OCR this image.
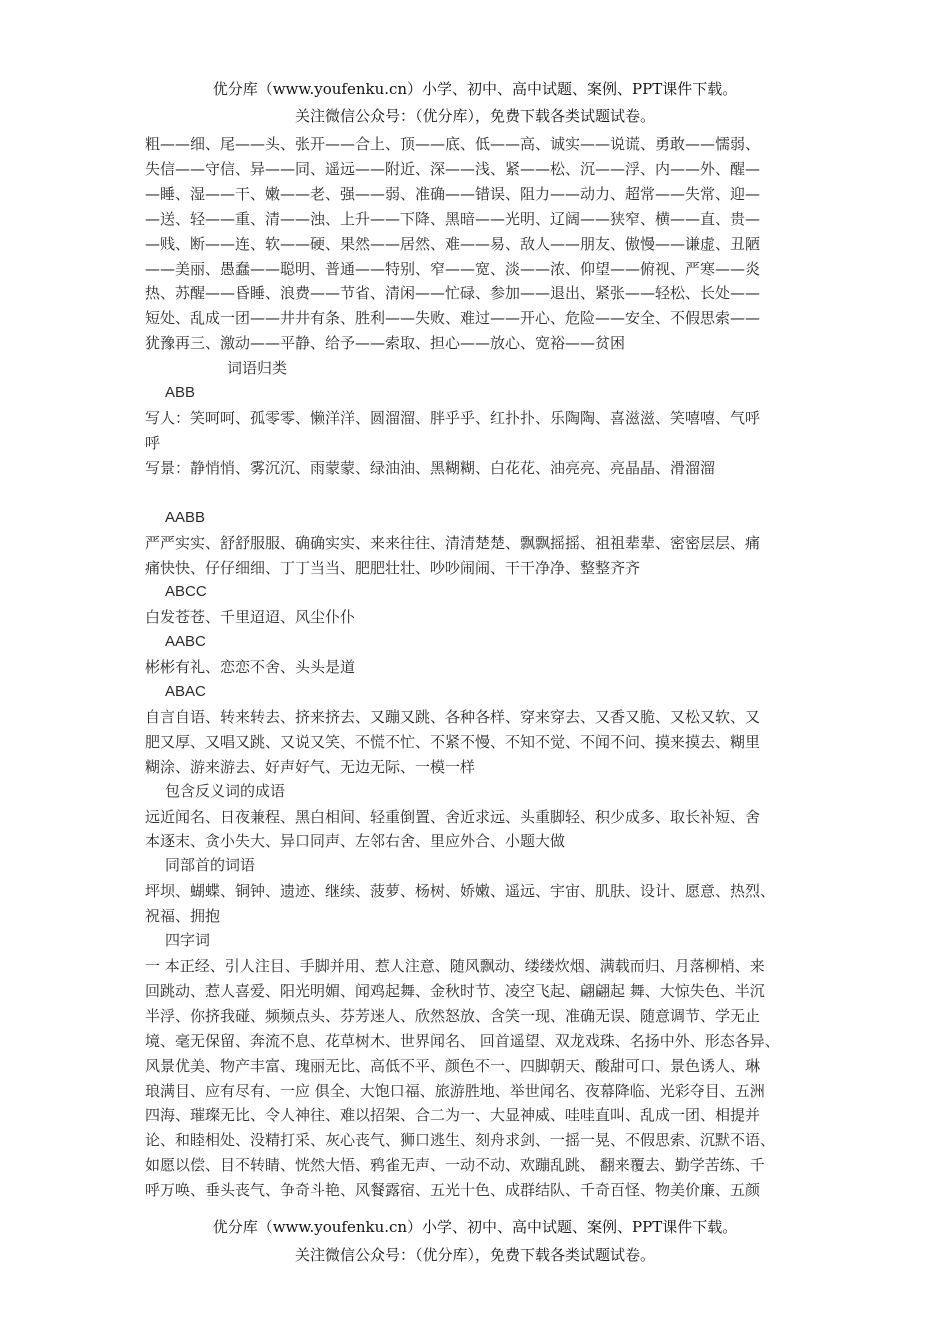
优分库（www.youfenku.cn）小学、初中、高中试题、案例、PPT课件下载。
关注微信公众号：（优分库），免费下载各类试题试卷。

粗——细、尾——头、张开——合上、顶——底、低——高、诚实——说谎、勇敢——懦弱、

失信——守信、异——同、遥远——附近、深——浅、紧——松、沉——浮、内——外、醒—

—睡、湿——干、嫩——老、强——弱、准确——错误、阻力——动力、超常——失常、迎—

—送、轻——重、清——浊、上升——下降、黑暗——光明、辽阔——狭窄、横——直、贵—

—贱、断——连、软——硬、果然——居然、难——易、敌人——朋友、傲慢——谦虚、丑陋

——美丽、愚蠢——聪明、普通——特别、窄——宽、淡——浓、仰望——俯视、严寒——炎

热、苏醒——昏睡、浪费——节省、清闲——忙碌、参加——退出、紧张——轻松、长处——

短处、乱成一团——井井有条、胜利——失败、难过——开心、危险——安全、不假思索——

犹豫再三、激动——平静、给予——索取、担心——放心、宽裕——贫困

词语归类

ABB

写人：笑呵呵、孤零零、懒洋洋、圆溜溜、胖乎乎、红扑扑、乐陶陶、喜滋滋、笑嘻嘻、气呼

呼

写景：静悄悄、雾沉沉、雨蒙蒙、绿油油、黑糊糊、白花花、油亮亮、亮晶晶、滑溜溜

AABB

严严实实、舒舒服服、确确实实、来来往往、清清楚楚、飘飘摇摇、祖祖辈辈、密密层层、痛

痛快快、仔仔细细、丁丁当当、肥肥壮壮、吵吵闹闹、干干净净、整整齐齐

ABCC

白发苍苍、千里迢迢、风尘仆仆

AABC

彬彬有礼、恋恋不舍、头头是道

ABAC

自言自语、转来转去、挤来挤去、又蹦又跳、各种各样、穿来穿去、又香又脆、又松又软、又

肥又厚、又唱又跳、又说又笑、不慌不忙、不紧不慢、不知不觉、不闻不问、摸来摸去、糊里

糊涂、游来游去、好声好气、无边无际、一模一样

包含反义词的成语

远近闻名、日夜兼程、黑白相间、轻重倒置、舍近求远、头重脚轻、积少成多、取长补短、舍

本逐末、贪小失大、异口同声、左邻右舍、里应外合、小题大做

同部首的词语

坪坝、蝴蝶、铜钟、遗迹、继续、菠萝、杨树、娇嫩、遥远、宇宙、肌肤、设计、愿意、热烈、

祝福、拥抱

四字词

一 本正经、引人注目、手脚并用、惹人注意、随风飘动、缕缕炊烟、满载而归、月落柳梢、来

回跳动、惹人喜爱、阳光明媚、闻鸡起舞、金秋时节、凌空飞起、翩翩起 舞、大惊失色、半沉

半浮、你挤我碰、频频点头、芬芳迷人、欣然怒放、含笑一现、准确无误、随意调节、学无止

境、毫无保留、奔流不息、花草树木、世界闻名、 回首遥望、双龙戏珠、名扬中外、形态各异、

风景优美、物产丰富、瑰丽无比、高低不平、颜色不一、四脚朝天、酸甜可口、景色诱人、琳

琅满目、应有尽有、一应 俱全、大饱口福、旅游胜地、举世闻名、夜幕降临、光彩夺目、五洲

四海、璀璨无比、令人神往、难以招架、合二为一、大显神威、哇哇直叫、乱成一团、相提并

论、和睦相处、没精打采、灰心丧气、狮口逃生、刻舟求剑、一摇一晃、不假思索、沉默不语、

如愿以偿、目不转睛、恍然大悟、鸦雀无声、一动不动、欢蹦乱跳、 翻来覆去、勤学苦练、千

呼万唤、垂头丧气、争奇斗艳、风餐露宿、五光十色、成群结队、千奇百怪、物美价廉、五颜

优分库（www.youfenku.cn）小学、初中、高中试题、案例、PPT课件下载。
关注微信公众号：（优分库），免费下载各类试题试卷。
